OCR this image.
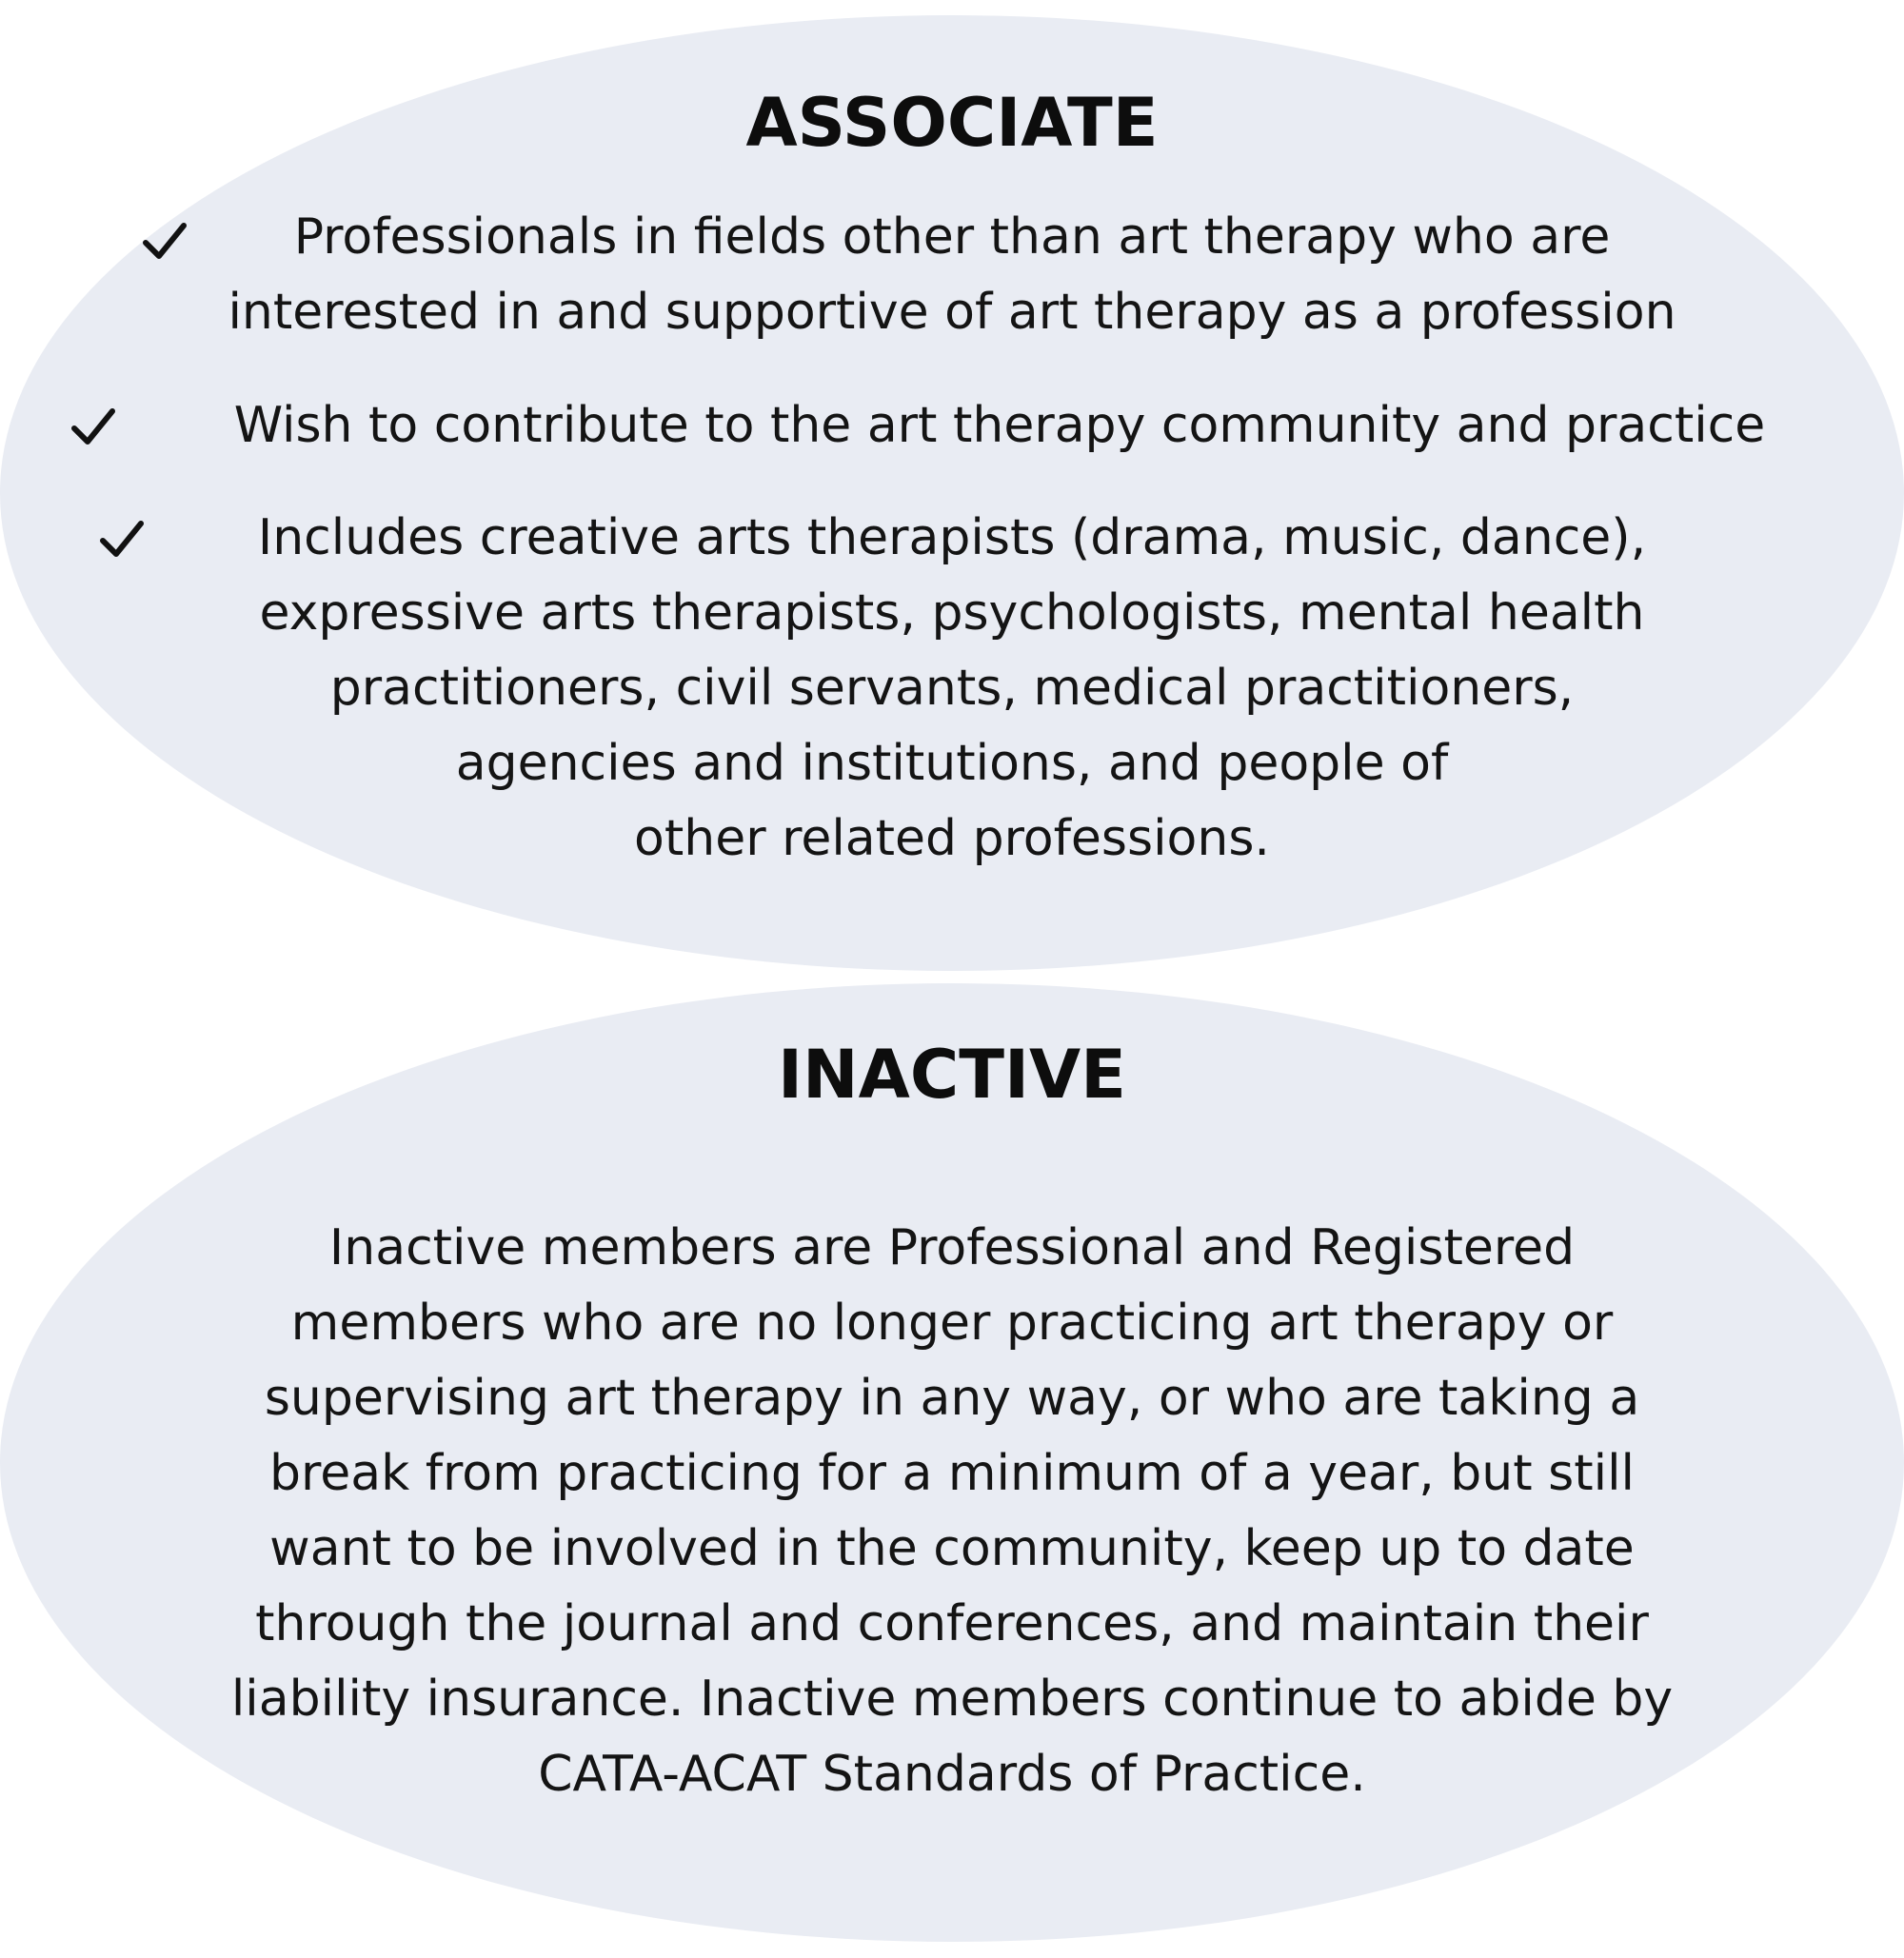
ASSOCIATE
Professionals in fields other than art therapy who are
interested in and supportive of art therapy as a profession
Wish to contribute to the art therapy community and practice
Includes creative arts therapists (drama, music, dance),
expressive arts therapists, psychologists, mental health
practitioners, civil servants, medical practitioners,
agencies and institutions, and people of
other related professions.
INACTIVE
Inactive members are Professional and Registered
members who are no longer practicing art therapy or
supervising art therapy in any way, or who are taking a
break from practicing for a minimum of a year, but still
want to be involved in the community, keep up to date
through the journal and conferences, and maintain their
liability insurance. Inactive members continue to abide by
CATA-ACAT Standards of Practice.
